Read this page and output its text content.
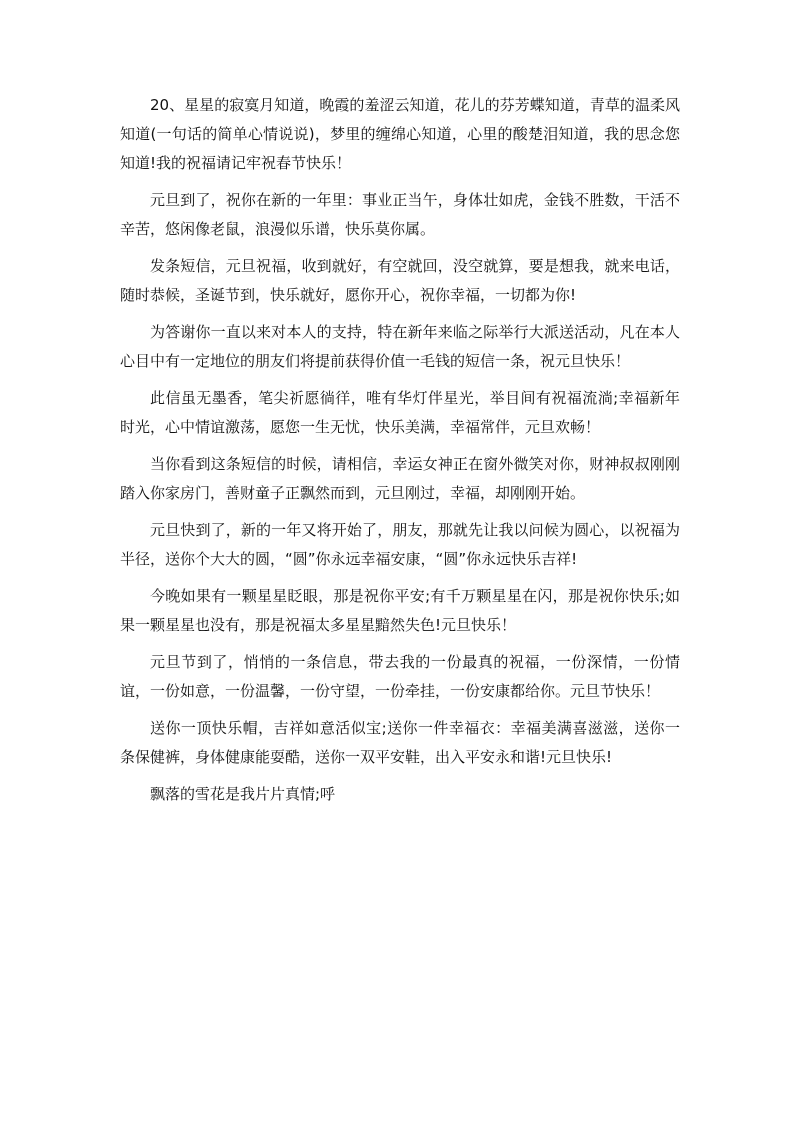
20、星星的寂寞月知道，晚霞的羞涩云知道，花儿的芬芳蝶知道，青草的温柔风知道(一句话的简单心情说说)，梦里的缠绵心知道，心里的酸楚泪知道，我的思念您知道!我的祝福请记牢祝春节快乐！

元旦到了，祝你在新的一年里：事业正当午，身体壮如虎，金钱不胜数，干活不辛苦，悠闲像老鼠，浪漫似乐谱，快乐莫你属。

发条短信，元旦祝福，收到就好，有空就回，没空就算，要是想我，就来电话，随时恭候，圣诞节到，快乐就好，愿你开心，祝你幸福，一切都为你!

为答谢你一直以来对本人的支持，特在新年来临之际举行大派送活动，凡在本人心目中有一定地位的朋友们将提前获得价值一毛钱的短信一条，祝元旦快乐！

此信虽无墨香，笔尖祈愿徜徉，唯有华灯伴星光，举目间有祝福流淌;幸福新年时光，心中情谊激荡，愿您一生无忧，快乐美满，幸福常伴，元旦欢畅！

当你看到这条短信的时候，请相信，幸运女神正在窗外微笑对你，财神叔叔刚刚踏入你家房门，善财童子正飘然而到，元旦刚过，幸福，却刚刚开始。

元旦快到了，新的一年又将开始了，朋友，那就先让我以问候为圆心，以祝福为半径，送你个大大的圆，“圆”你永远幸福安康，“圆”你永远快乐吉祥!

今晚如果有一颗星星眨眼，那是祝你平安;有千万颗星星在闪，那是祝你快乐;如果一颗星星也没有，那是祝福太多星星黯然失色!元旦快乐！

元旦节到了，悄悄的一条信息，带去我的一份最真的祝福，一份深情，一份情谊，一份如意，一份温馨，一份守望，一份牵挂，一份安康都给你。元旦节快乐！

送你一顶快乐帽，吉祥如意活似宝;送你一件幸福衣：幸福美满喜滋滋，送你一条保健裤，身体健康能耍酷，送你一双平安鞋，出入平安永和谐!元旦快乐!

飘落的雪花是我片片真情;呼
